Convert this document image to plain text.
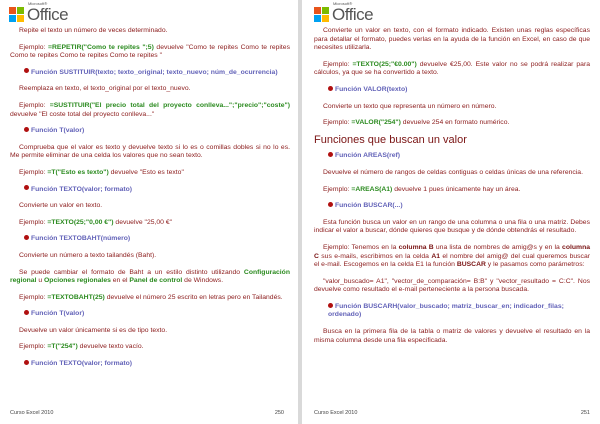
Microsoft®
Office

Repite el texto un número de veces determinado.

Ejemplo: =REPETIR("Como te repites ";5) devuelve "Como te repites Como te repites Como te repites Como te repites Como te repites "

Función SUSTITUIR(texto; texto_original; texto_nuevo; núm_de_ocurrencia)

Reemplaza en texto, el texto_original por el texto_nuevo.

Ejemplo: =SUSTITUIR("El precio total del proyecto conlleva...";"precio";"coste") devuelve "El coste total del proyecto conlleva..."

Función T(valor)

Comprueba que el valor es texto y devuelve texto si lo es o comillas dobles si no lo es. Me permite eliminar de una celda los valores que no sean texto.

Ejemplo: =T("Esto es texto") devuelve "Esto es texto"

Función TEXTO(valor; formato)

Convierte un valor en texto.

Ejemplo: =TEXTO(25;"0,00 €") devuelve "25,00 €"

Función TEXTOBAHT(número)

Convierte un número a texto tailandés (Baht).

Se puede cambiar el formato de Baht a un estilo distinto utilizando Configuración regional u Opciones regionales en el Panel de control de Windows.

Ejemplo: =TEXTOBAHT(25) devuelve el número 25 escrito en letras pero en Tailandés.

Función T(valor)

Devuelve un valor únicamente si es de tipo texto.

Ejemplo: =T("254") devuelve texto vacío.

Función TEXTO(valor; formato)
Curso Excel 2010	250
Microsoft®
Office

Convierte un valor en texto, con el formato indicado. Existen unas reglas específicas para detallar el formato, puedes verlas en la ayuda de la función en Excel, en caso de que necesites utilizarla.

Ejemplo: =TEXTO(25;"€0.00") devuelve €25,00. Este valor no se podrá realizar para cálculos, ya que se ha convertido a texto.

Función VALOR(texto)

Convierte un texto que representa un número en número.

Ejemplo: =VALOR("254") devuelve 254 en formato numérico.

Funciones que buscan un valor
Función AREAS(ref)

Devuelve el número de rangos de celdas contiguas o celdas únicas de una referencia.

Ejemplo: =AREAS(A1) devuelve 1 pues únicamente hay un área.

Función BUSCAR(...)

Esta función busca un valor en un rango de una columna o una fila o una matriz. Debes indicar el valor a buscar, dónde quieres que busque y de dónde obtendrás el resultado.

Ejemplo: Tenemos en la columna B una lista de nombres de amig@s y en la columna C sus e-mails, escribimos en la celda A1 el nombre del amig@ del cual queremos buscar el e-mail. Escogemos en la celda E1 la función BUSCAR y le pasamos como parámetros:

"valor_buscado= A1", "vector_de_comparación= B:B" y "vector_resultado = C:C". Nos devuelve como resultado el e-mail perteneciente a la persona buscada.

Función BUSCARH(valor_buscado; matriz_buscar_en; indicador_filas; ordenado)

Busca en la primera fila de la tabla o matriz de valores y devuelve el resultado en la misma columna desde una fila especificada.

Curso Excel 2010	251
